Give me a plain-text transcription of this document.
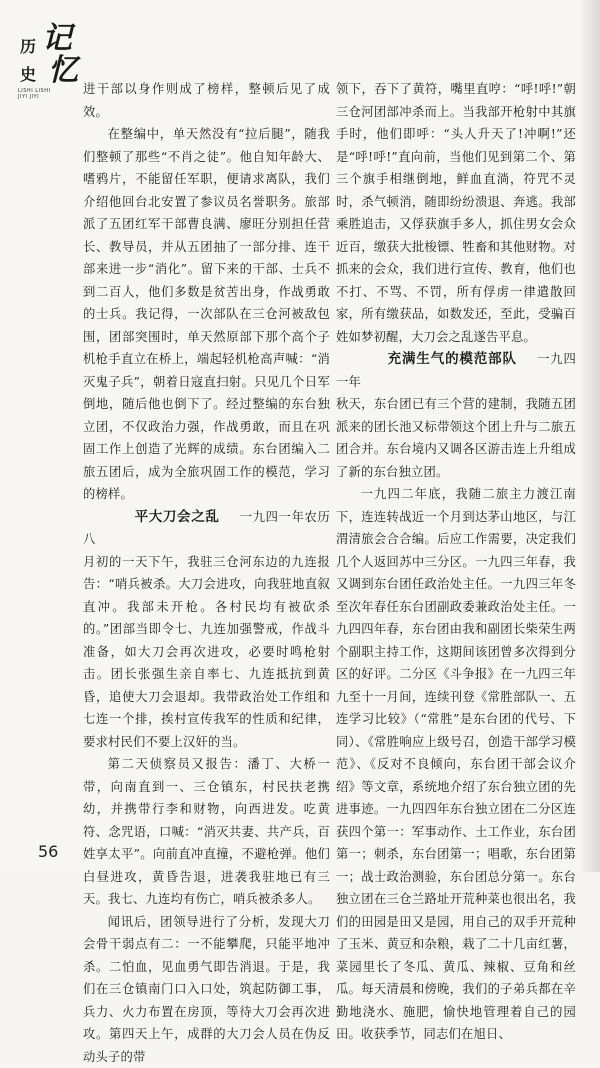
历
史
记
忆
LISHI LISHI
JIYI JIYI

进干部以身作则成了榜样，整顿后见了成效。

在整编中，单天然没有“拉后腿”，随我们整顿了那些“不肖之徒”。他自知年龄大、嗜鸦片，不能留任军职，便请求离队，我们介绍他回台北安置了参议员名誉职务。旅部派了五团红军干部曹良满、廖旺分别担任营长、教导员，并从五团抽了一部分排、连干部来进一步“消化”。留下来的干部、士兵不到二百人，他们多数是贫苦出身，作战勇敢的士兵。我记得，一次部队在三仓河被敌包围，团部突围时，单天然原部下那个高个子机枪手直立在桥上，端起轻机枪高声喊：“消灭鬼子兵”，朝着日寇直扫射。只见几个日军倒地，随后他也倒下了。经过整编的东台独立团，不仅政治力强，作战勇敢，而且在巩固工作上创造了光辉的成绩。东台团编入二旅五团后，成为全旅巩固工作的模范，学习的榜样。

平大刀会之乱 一九四一年农历八

月初的一天下午，我驻三仓河东边的九连报告：“哨兵被杀。大刀会进攻，向我驻地直叙直冲。我部未开枪。各村民均有被砍杀的。”团部当即令七、九连加强警戒，作战斗准备，如大刀会再次进攻，必要时鸣枪射击。团长张强生亲自率七、九连抵抗到黄昏，追使大刀会退却。我带政治处工作组和七连一个排，挨村宣传我军的性质和纪律，要求村民们不要上汉奸的当。

第二天侦察员又报告：潘丁、大桥一带，向南直到一、三仓镇东，村民扶老携幼，并携带行李和财物，向西进发。吃黄符、念咒语，口喊：“消灭共妻、共产兵，百姓享太平”。向前直冲直撞，不避枪弹。他们白昼进攻，黄昏告退，进袭我驻地已有三天。我七、九连均有伤亡，哨兵被杀多人。

闻讯后，团领导进行了分析，发现大刀会骨干弱点有二：一不能攀爬，只能平地冲杀。二怕血，见血勇气即告消退。于是，我们在三仓镇南门口入口处，筑起防御工事，兵力、火力布置在房顶，等待大刀会再次进攻。第四天上午，成群的大刀会人员在伪反动头子的带

领下，吞下了黄符，嘴里直哼：“呼!呼!”朝三仓河团部冲杀而上。当我部开枪射中其旗手时，他们即呼：“头人升天了!冲啊!”还是“呼!呼!”直向前，当他们见到第二个、第三个旗手相继倒地，鲜血直淌，符咒不灵时，杀气顿消，随即纷纷溃退、奔逃。我部乘胜追击，又俘获旗手多人，抓住男女会众近百，缴获大批梭镖、牲畜和其他财物。对抓来的会众，我们进行宣传、教育，他们也不打、不骂、不罚，所有俘虏一律遣散回家，所有缴获品，如数发还，至此，受骗百姓如梦初醒，大刀会之乱遂告平息。

充满生气的模范部队 一九四一年

秋天，东台团已有三个营的建制，我随五团派来的团长池又标带领这个团上升与二旅五团合并。东台境内又调各区游击连上升组成了新的东台独立团。

一九四二年底，我随二旅主力渡江南下，连连转战近一个月到达茅山地区，与江渭清旅会合合编。后应工作需要，决定我们几个人返回苏中三分区。一九四三年春，我又调到东台团任政治处主任。一九四三年冬至次年春任东台团副政委兼政治处主任。一九四四年春，东台团由我和副团长柴荣生两个副职主持工作，这期间该团曾多次得到分区的好评。二分区《斗争报》在一九四三年九至十一月间，连续刊登《常胜部队一、五连学习比较》（“常胜”是东台团的代号、下同）、《常胜响应上级号召，创造干部学习模范》、《反对不良倾向，东台团干部会议介绍》等文章，系统地介绍了东台独立团的先进事迹。一九四四年东台独立团在二分区连获四个第一：军事动作、土工作业，东台团第一；刺杀，东台团第一；唱歌，东台团第一；战士政治测验，东台团总分第一。东台独立团在三仓兰路址开荒种菜也很出名，我们的田园是田又是园，用自己的双手开荒种了玉米、黄豆和杂粮，栽了二十几亩红薯，菜园里长了冬瓜、黄瓜、辣椒、豆角和丝瓜。每天清晨和傍晚，我们的子弟兵都在辛勤地浇水、施肥，愉快地管理着自己的园田。收获季节，同志们在旭日、

56
